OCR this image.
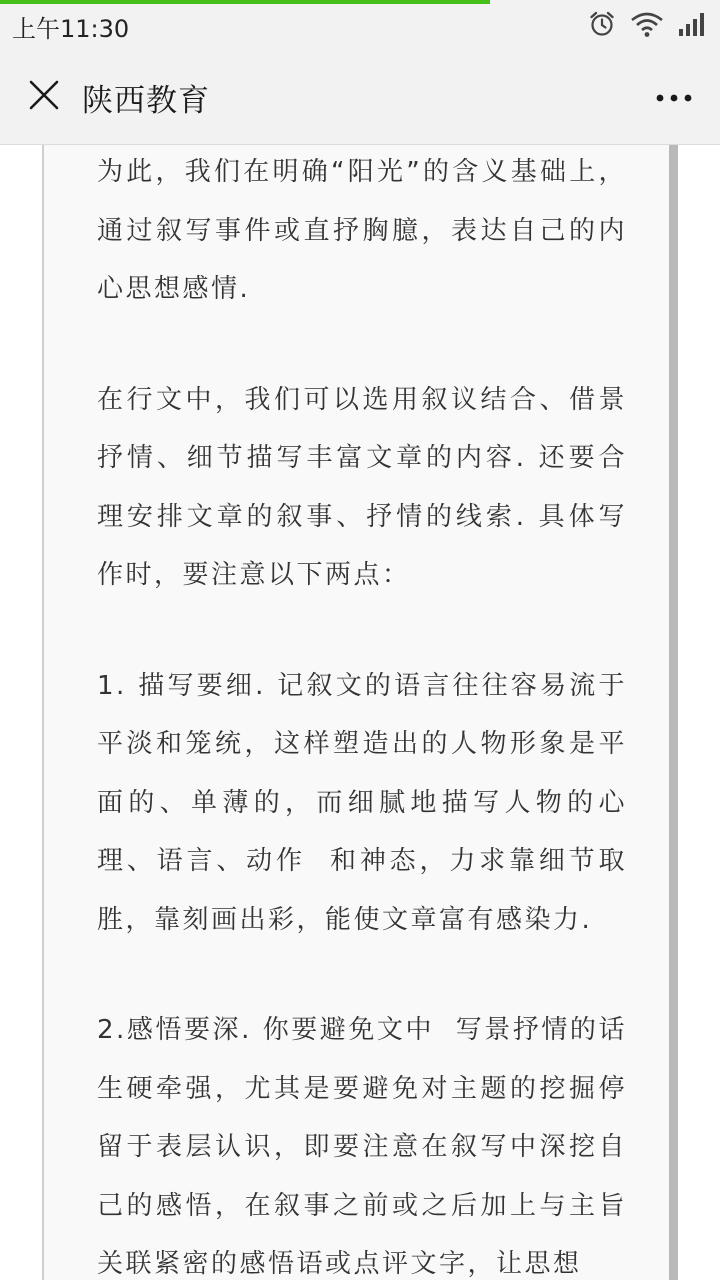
上午11:30
陕西教育

为此，我们在明确“阳光”的含义基础上，通过叙写事件或直抒胸臆，表达自己的内心思想感情.

在行文中，我们可以选用叙议结合、借景抒情、细节描写丰富文章的内容. 还要合理安排文章的叙事、抒情的线索. 具体写作时，要注意以下两点：

1. 描写要细. 记叙文的语言往往容易流于平淡和笼统，这样塑造出的人物形象是平面的、单薄的，而细腻地描写人物的心理、语言、动作  和神态，力求靠细节取胜，靠刻画出彩，能使文章富有感染力.

2.感悟要深. 你要避免文中  写景抒情的话生硬牵强，尤其是要避免对主题的挖掘停留于表层认识，即要注意在叙写中深挖自己的感悟，在叙事之前或之后加上与主旨关联紧密的感悟语或点评文字，让思想
